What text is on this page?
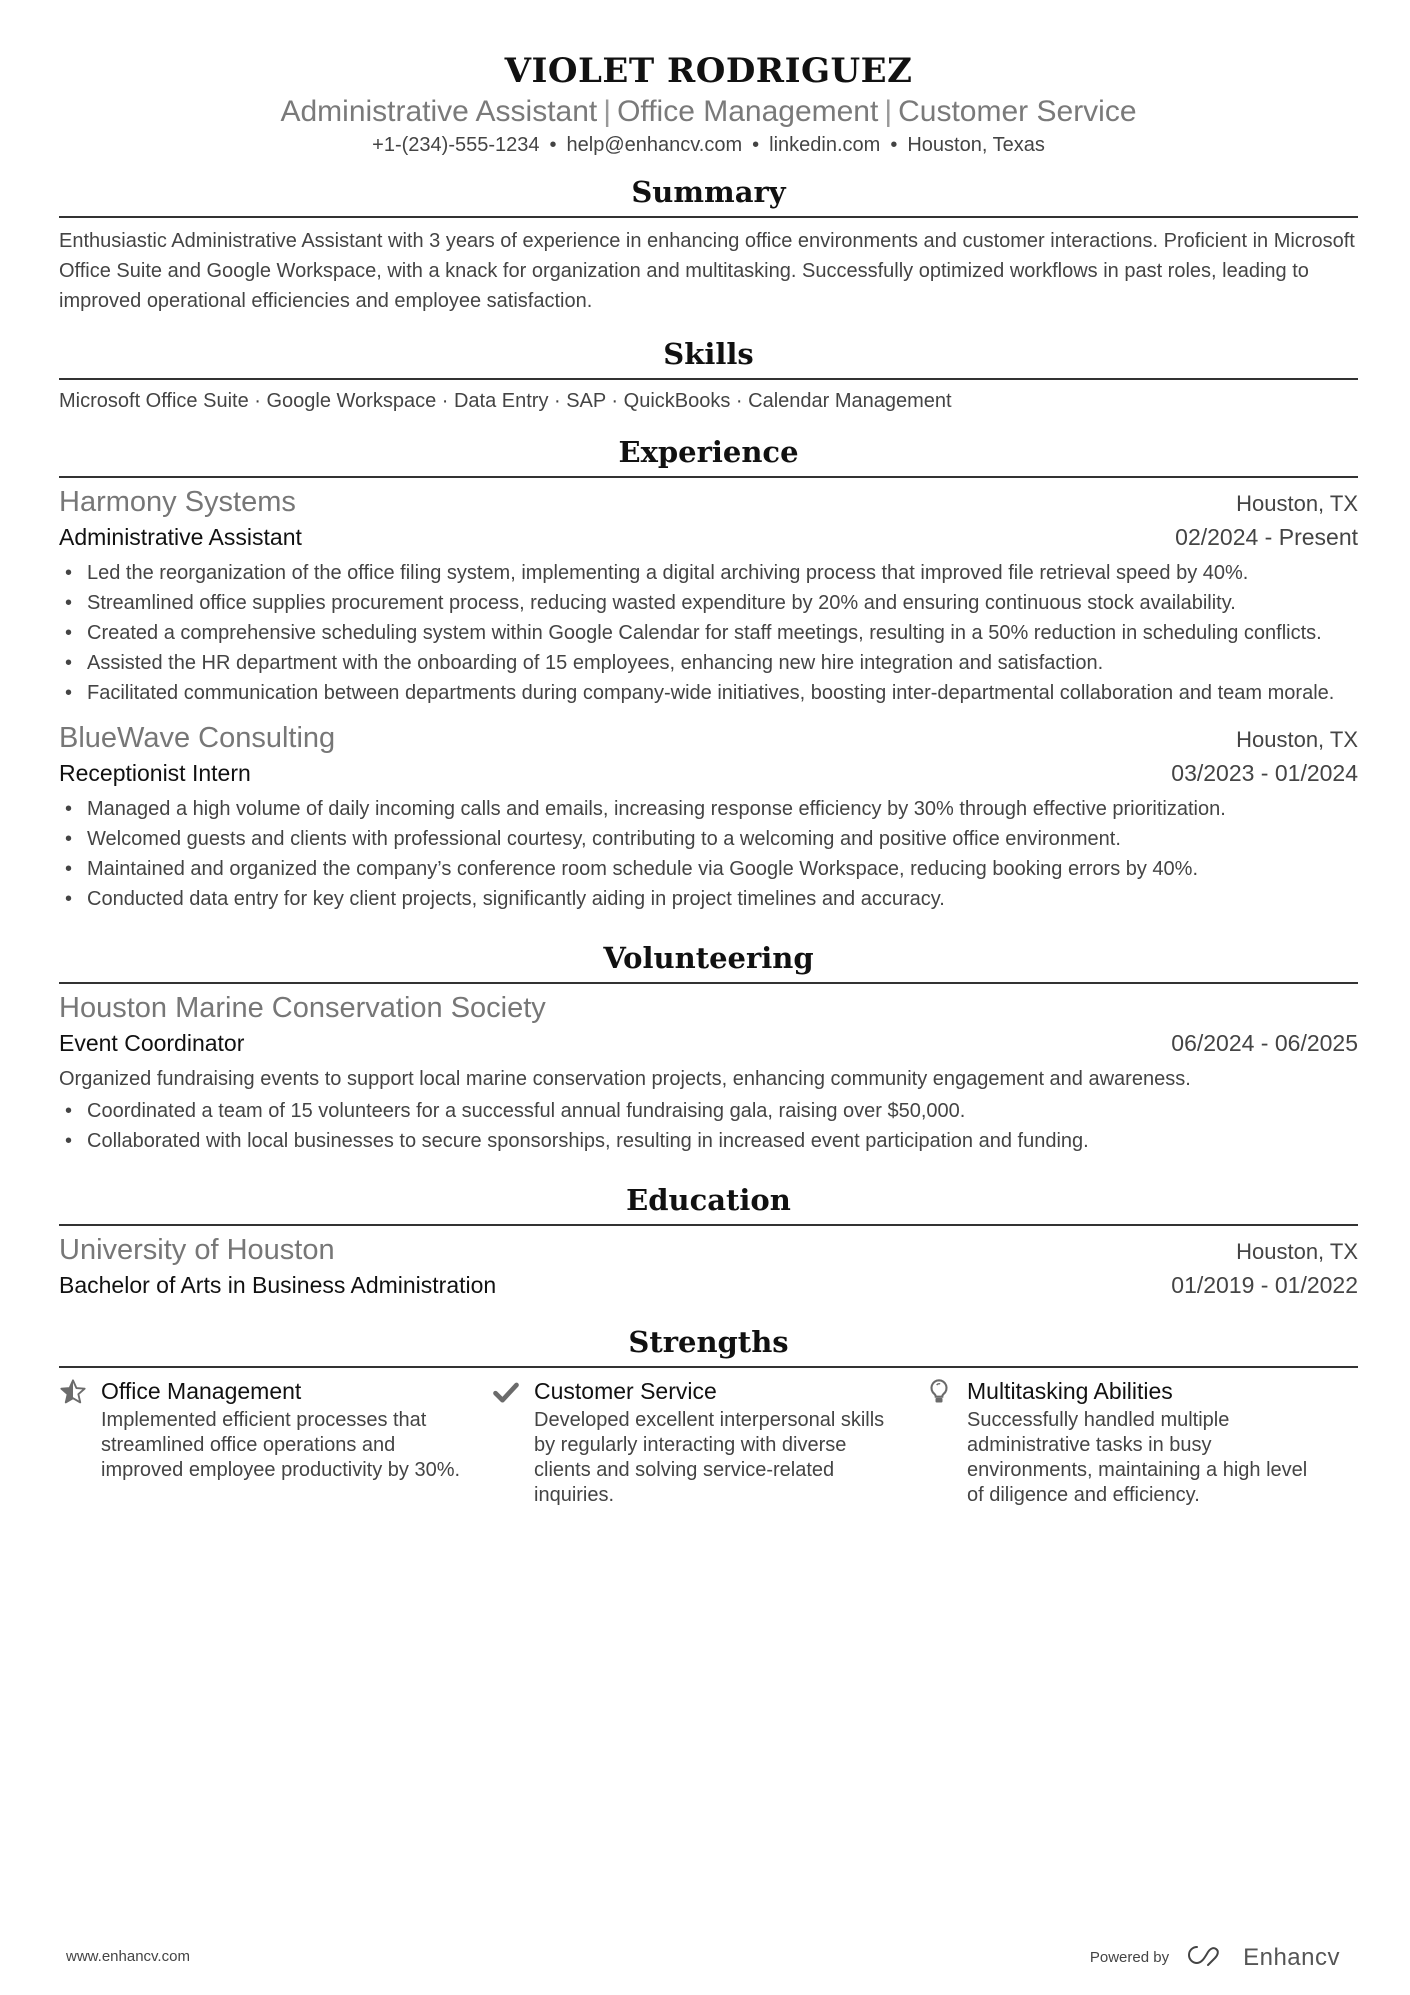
VIOLET RODRIGUEZ
Administrative Assistant | Office Management | Customer Service
+1-(234)-555-1234 • help@enhancv.com • linkedin.com • Houston, Texas
Summary
Enthusiastic Administrative Assistant with 3 years of experience in enhancing office environments and customer interactions. Proficient in Microsoft Office Suite and Google Workspace, with a knack for organization and multitasking. Successfully optimized workflows in past roles, leading to improved operational efficiencies and employee satisfaction.
Skills
Microsoft Office Suite · Google Workspace · Data Entry · SAP · QuickBooks · Calendar Management
Experience
Harmony Systems	Houston, TX
Administrative Assistant	02/2024 - Present
• Led the reorganization of the office filing system, implementing a digital archiving process that improved file retrieval speed by 40%.
• Streamlined office supplies procurement process, reducing wasted expenditure by 20% and ensuring continuous stock availability.
• Created a comprehensive scheduling system within Google Calendar for staff meetings, resulting in a 50% reduction in scheduling conflicts.
• Assisted the HR department with the onboarding of 15 employees, enhancing new hire integration and satisfaction.
• Facilitated communication between departments during company-wide initiatives, boosting inter-departmental collaboration and team morale.
BlueWave Consulting	Houston, TX
Receptionist Intern	03/2023 - 01/2024
• Managed a high volume of daily incoming calls and emails, increasing response efficiency by 30% through effective prioritization.
• Welcomed guests and clients with professional courtesy, contributing to a welcoming and positive office environment.
• Maintained and organized the company’s conference room schedule via Google Workspace, reducing booking errors by 40%.
• Conducted data entry for key client projects, significantly aiding in project timelines and accuracy.
Volunteering
Houston Marine Conservation Society
Event Coordinator	06/2024 - 06/2025
Organized fundraising events to support local marine conservation projects, enhancing community engagement and awareness.
• Coordinated a team of 15 volunteers for a successful annual fundraising gala, raising over $50,000.
• Collaborated with local businesses to secure sponsorships, resulting in increased event participation and funding.
Education
University of Houston	Houston, TX
Bachelor of Arts in Business Administration	01/2019 - 01/2022
Strengths
Office Management
Implemented efficient processes that streamlined office operations and improved employee productivity by 30%.
Customer Service
Developed excellent interpersonal skills by regularly interacting with diverse clients and solving service-related inquiries.
Multitasking Abilities
Successfully handled multiple administrative tasks in busy environments, maintaining a high level of diligence and efficiency.
www.enhancv.com	Powered by	Enhancv
